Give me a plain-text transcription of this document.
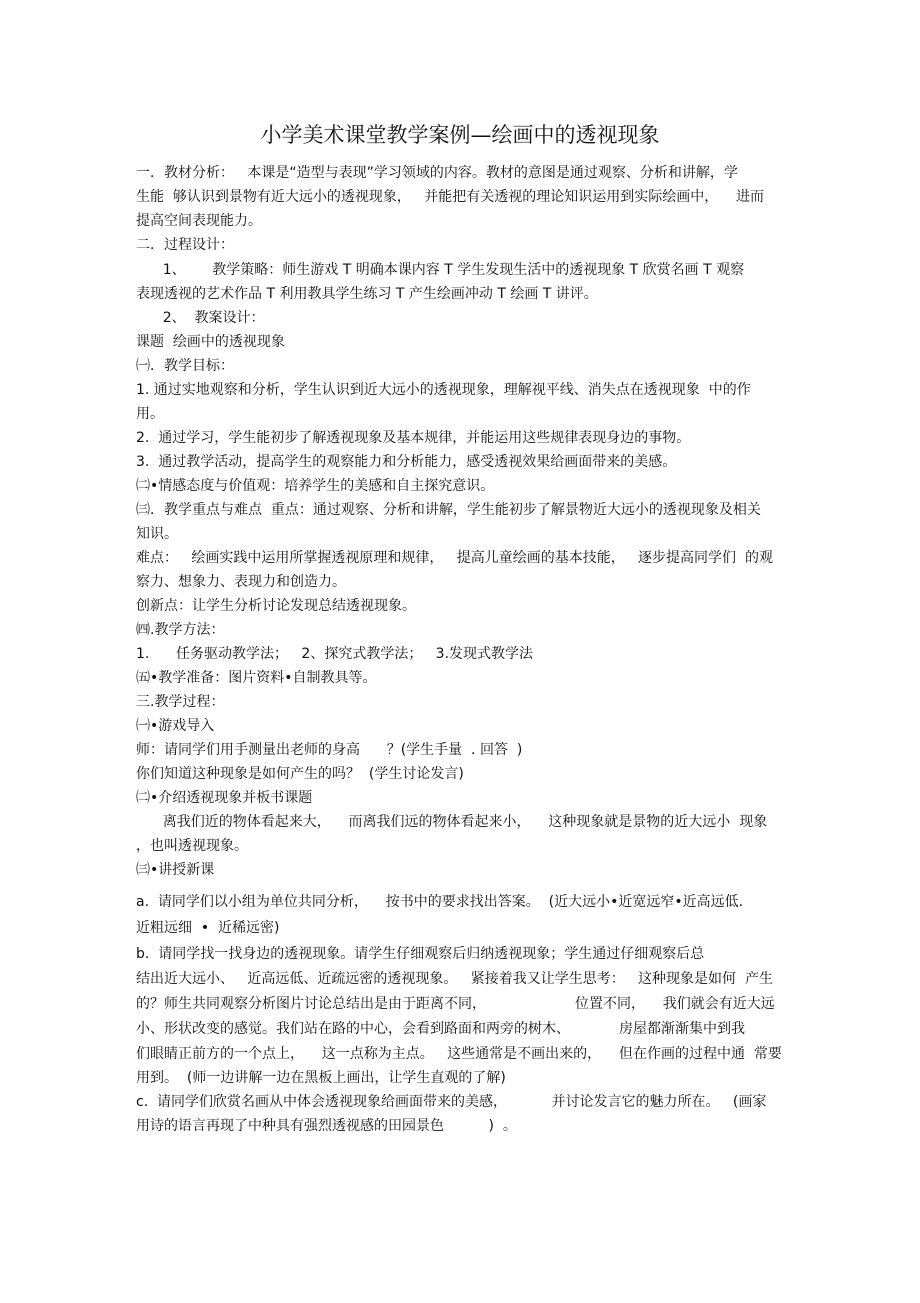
小学美术课堂教学案例—绘画中的透视现象
一．教材分析：   本课是“造型与表现”学习领域的内容。教材的意图是通过观察、分析和讲解，学
生能  够认识到景物有近大远小的透视现象，   并能把有关透视的理论知识运用到实际绘画中，    进而
提高空间表现能力。
二．过程设计：
1、      教学策略：师生游戏 T 明确本课内容 T 学生发现生活中的透视现象 T 欣赏名画 T 观察
表现透视的艺术作品 T 利用教具学生练习 T 产生绘画冲动 T 绘画 T 讲评。
2、  教案设计：
课题  绘画中的透视现象
㈠．教学目标：
1. 通过实地观察和分析，学生认识到近大远小的透视现象，理解视平线、消失点在透视现象  中的作
用。
2.  通过学习，学生能初步了解透视现象及基本规律，并能运用这些规律表现身边的事物。
3.  通过教学活动，提高学生的观察能力和分析能力，感受透视效果给画面带来的美感。
㈡•情感态度与价值观：培养学生的美感和自主探究意识。
㈢．教学重点与难点  重点：通过观察、分析和讲解，学生能初步了解景物近大远小的透视现象及相关
知识。
难点：   绘画实践中运用所掌握透视原理和规律，   提高儿童绘画的基本技能，   逐步提高同学们  的观
察力、想象力、表现力和创造力。
创新点：让学生分析讨论发现总结透视现象。
㈣.教学方法：
1.      任务驱动教学法；   2、探究式教学法；   3.发现式教学法
㈤•教学准备：图片资料•自制教具等。
三.教学过程：
㈠•游戏导入
师：请同学们用手测量出老师的身高      ？(学生手量  . 回答  )
你们知道这种现象是如何产生的吗？  (学生讨论发言)
㈡•介绍透视现象并板书课题
离我们近的物体看起来大，    而离我们远的物体看起来小，    这种现象就是景物的近大远小  现象
，也叫透视现象。
㈢•讲授新课
a.  请同学们以小组为单位共同分析，    按书中的要求找出答案。  (近大远小•近宽远窄•近高远低.
近粗远细  •  近稀远密)
b.  请同学找一找身边的透视现象。请学生仔细观察后归纳透视现象；学生通过仔细观察后总
结出近大远小、   近高远低、近疏远密的透视现象。   紧接着我又让学生思考：   这种现象是如何  产生
的？师生共同观察分析图片讨论总结出是由于距离不同，                    位置不同，    我们就会有近大远
小、形状改变的感觉。我们站在路的中心，会看到路面和两旁的树木、           房屋都渐渐集中到我
们眼睛正前方的一个点上，    这一点称为主点。   这些通常是不画出来的，    但在作画的过程中通  常要
用到。  (师一边讲解一边在黑板上画出，让学生直观的了解)
c.  请同学们欣赏名画从中体会透视现象给画面带来的美感，          并讨论发言它的魅力所在。   (画家
用诗的语言再现了中种具有强烈透视感的田园景色          )  。
